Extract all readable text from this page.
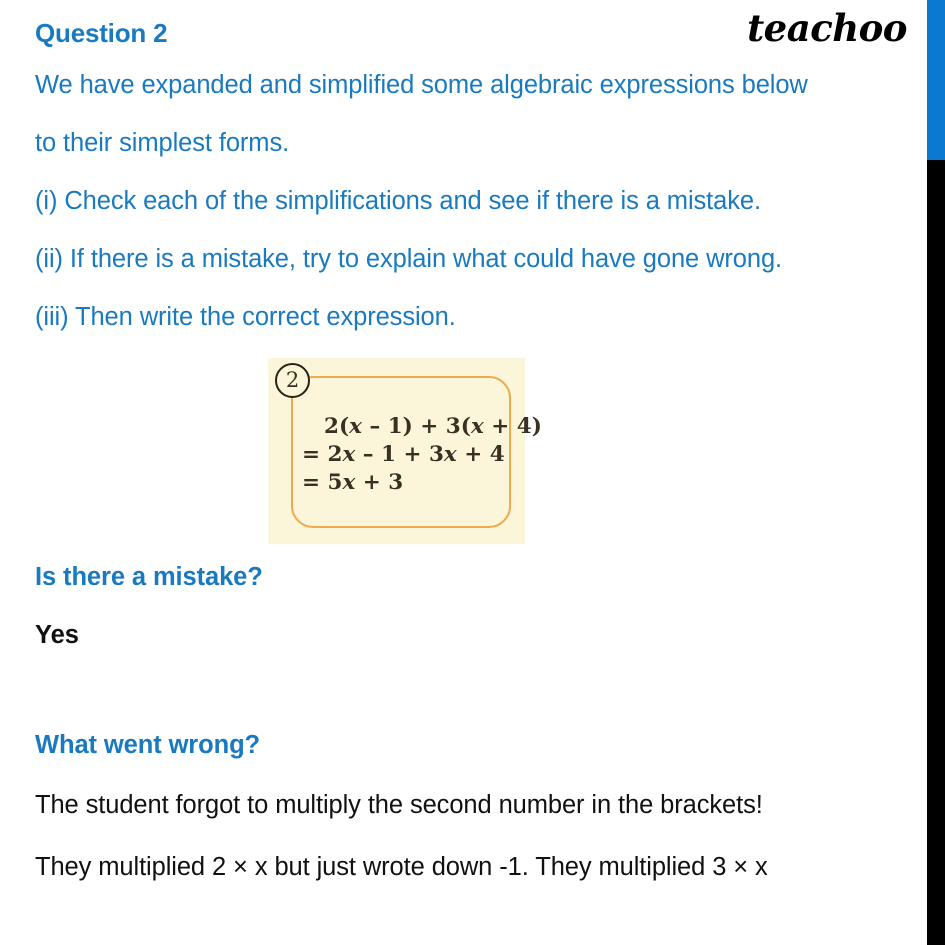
Question 2	teachoo
We have expanded and simplified some algebraic expressions below
to their simplest forms.
(i) Check each of the simplifications and see if there is a mistake.
(ii) If there is a mistake, try to explain what could have gone wrong.
(iii) Then write the correct expression.
2
2(x – 1) + 3(x + 4)
= 2x – 1 + 3x + 4
= 5x + 3
Is there a mistake?
Yes
What went wrong?
The student forgot to multiply the second number in the brackets!
They multiplied 2 × x but just wrote down -1. They multiplied 3 × x
